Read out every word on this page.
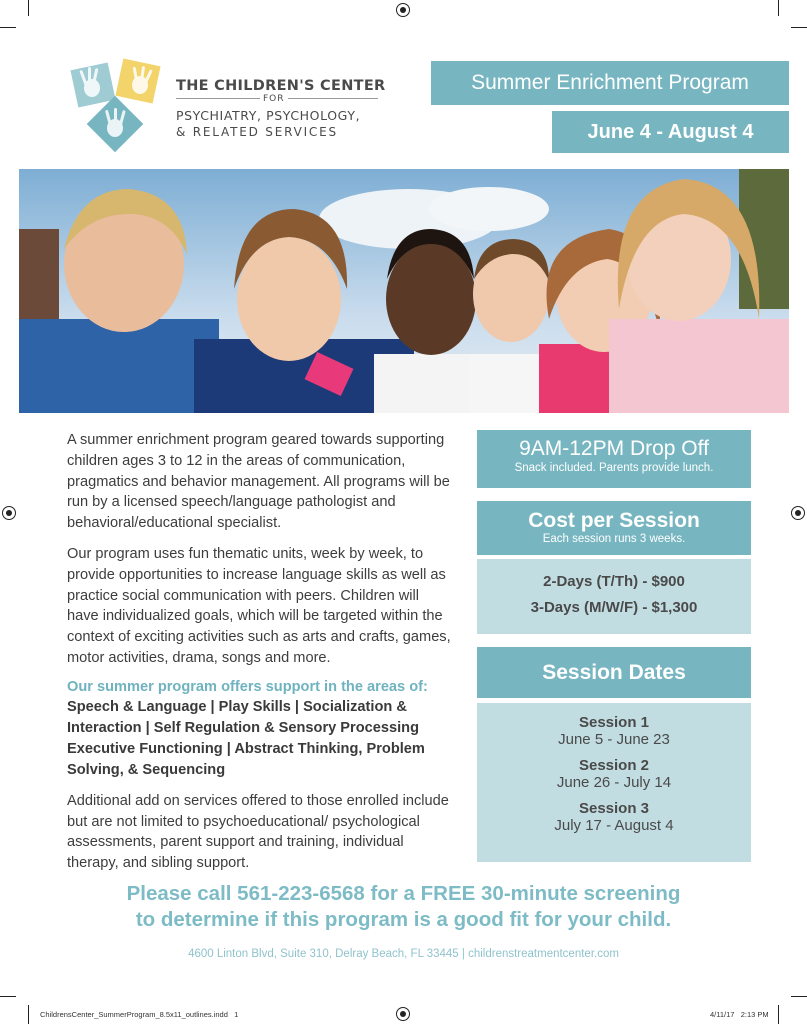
THE CHILDREN'S CENTER
FOR
PSYCHIATRY, PSYCHOLOGY,
& RELATED SERVICES
Summer Enrichment Program
June 4 - August 4

A summer enrichment program geared towards supporting children ages 3 to 12 in the areas of communication, pragmatics and behavior management. All programs will be run by a licensed speech/language pathologist and behavioral/educational specialist.

Our program uses fun thematic units, week by week, to provide opportunities to increase language skills as well as practice social communication with peers. Children will have individualized goals, which will be targeted within the context of exciting activities such as arts and crafts, games, motor activities, drama, songs and more.

Our summer program offers support in the areas of:
Speech & Language | Play Skills | Socialization & Interaction | Self Regulation & Sensory Processing Executive Functioning | Abstract Thinking, Problem Solving, & Sequencing

Additional add on services offered to those enrolled include but are not limited to psychoeducational/ psychological assessments, parent support and training, individual therapy, and sibling support.

9AM-12PM Drop Off
Snack included. Parents provide lunch.
Cost per Session
Each session runs 3 weeks.
2-Days (T/Th) - $900
3-Days (M/W/F) - $1,300
Session Dates
Session 1
June 5 - June 23
Session 2
June 26 - July 14
Session 3
July 17 - August 4
Please call 561-223-6568 for a FREE 30-minute screening
to determine if this program is a good fit for your child.
4600 Linton Blvd, Suite 310, Delray Beach, FL 33445 | childrenstreatmentcenter.com
ChildrensCenter_SummerProgram_8.5x11_outlines.indd   1	4/11/17   2:13 PM
